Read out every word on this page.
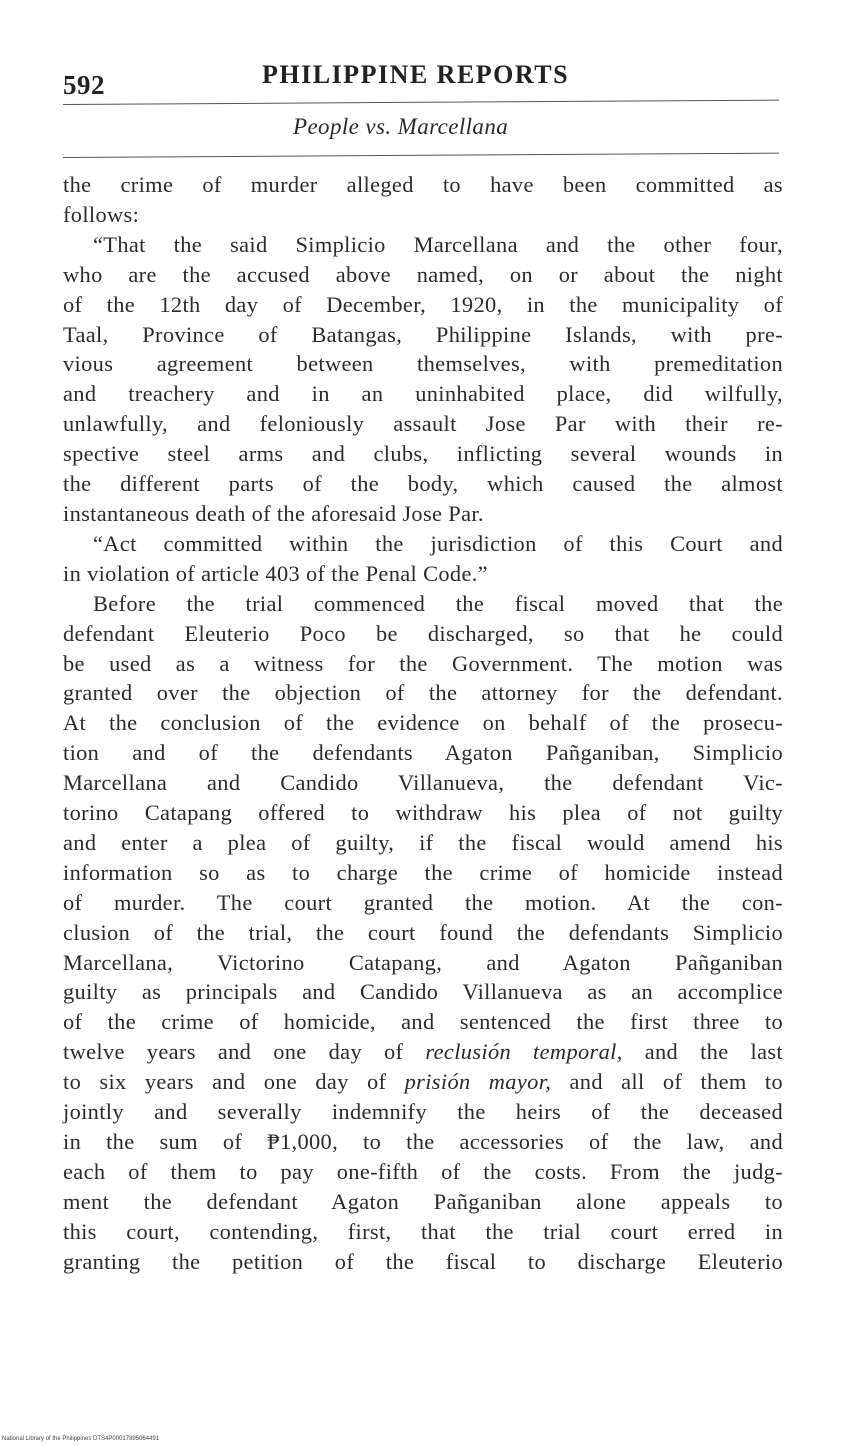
592	PHILIPPINE REPORTS
People vs. Marcellana
the crime of murder alleged to have been committed as
follows:
“That the said Simplicio Marcellana and the other four,
who are the accused above named, on or about the night
of the 12th day of December, 1920, in the municipality of
Taal, Province of Batangas, Philippine Islands, with pre-
vious agreement between themselves, with premeditation
and treachery and in an uninhabited place, did wilfully,
unlawfully, and feloniously assault Jose Par with their re-
spective steel arms and clubs, inflicting several wounds in
the different parts of the body, which caused the almost
instantaneous death of the aforesaid Jose Par.
“Act committed within the jurisdiction of this Court and
in violation of article 403 of the Penal Code.”
Before the trial commenced the fiscal moved that the
defendant Eleuterio Poco be discharged, so that he could
be used as a witness for the Government. The motion was
granted over the objection of the attorney for the defendant.
At the conclusion of the evidence on behalf of the prosecu-
tion and of the defendants Agaton Pañganiban, Simplicio
Marcellana and Candido Villanueva, the defendant Vic-
torino Catapang offered to withdraw his plea of not guilty
and enter a plea of guilty, if the fiscal would amend his
information so as to charge the crime of homicide instead
of murder. The court granted the motion. At the con-
clusion of the trial, the court found the defendants Simplicio
Marcellana, Victorino Catapang, and Agaton Pañganiban
guilty as principals and Candido Villanueva as an accomplice
of the crime of homicide, and sentenced the first three to
twelve years and one day of reclusión temporal, and the last
to six years and one day of prisión mayor, and all of them to
jointly and severally indemnify the heirs of the deceased
in the sum of ₱1,000, to the accessories of the law, and
each of them to pay one-fifth of the costs. From the judg-
ment the defendant Agaton Pañganiban alone appeals to
this court, contending, first, that the trial court erred in
granting the petition of the fiscal to discharge Eleuterio
National Library of the Philippines DTS4P00017895064491
